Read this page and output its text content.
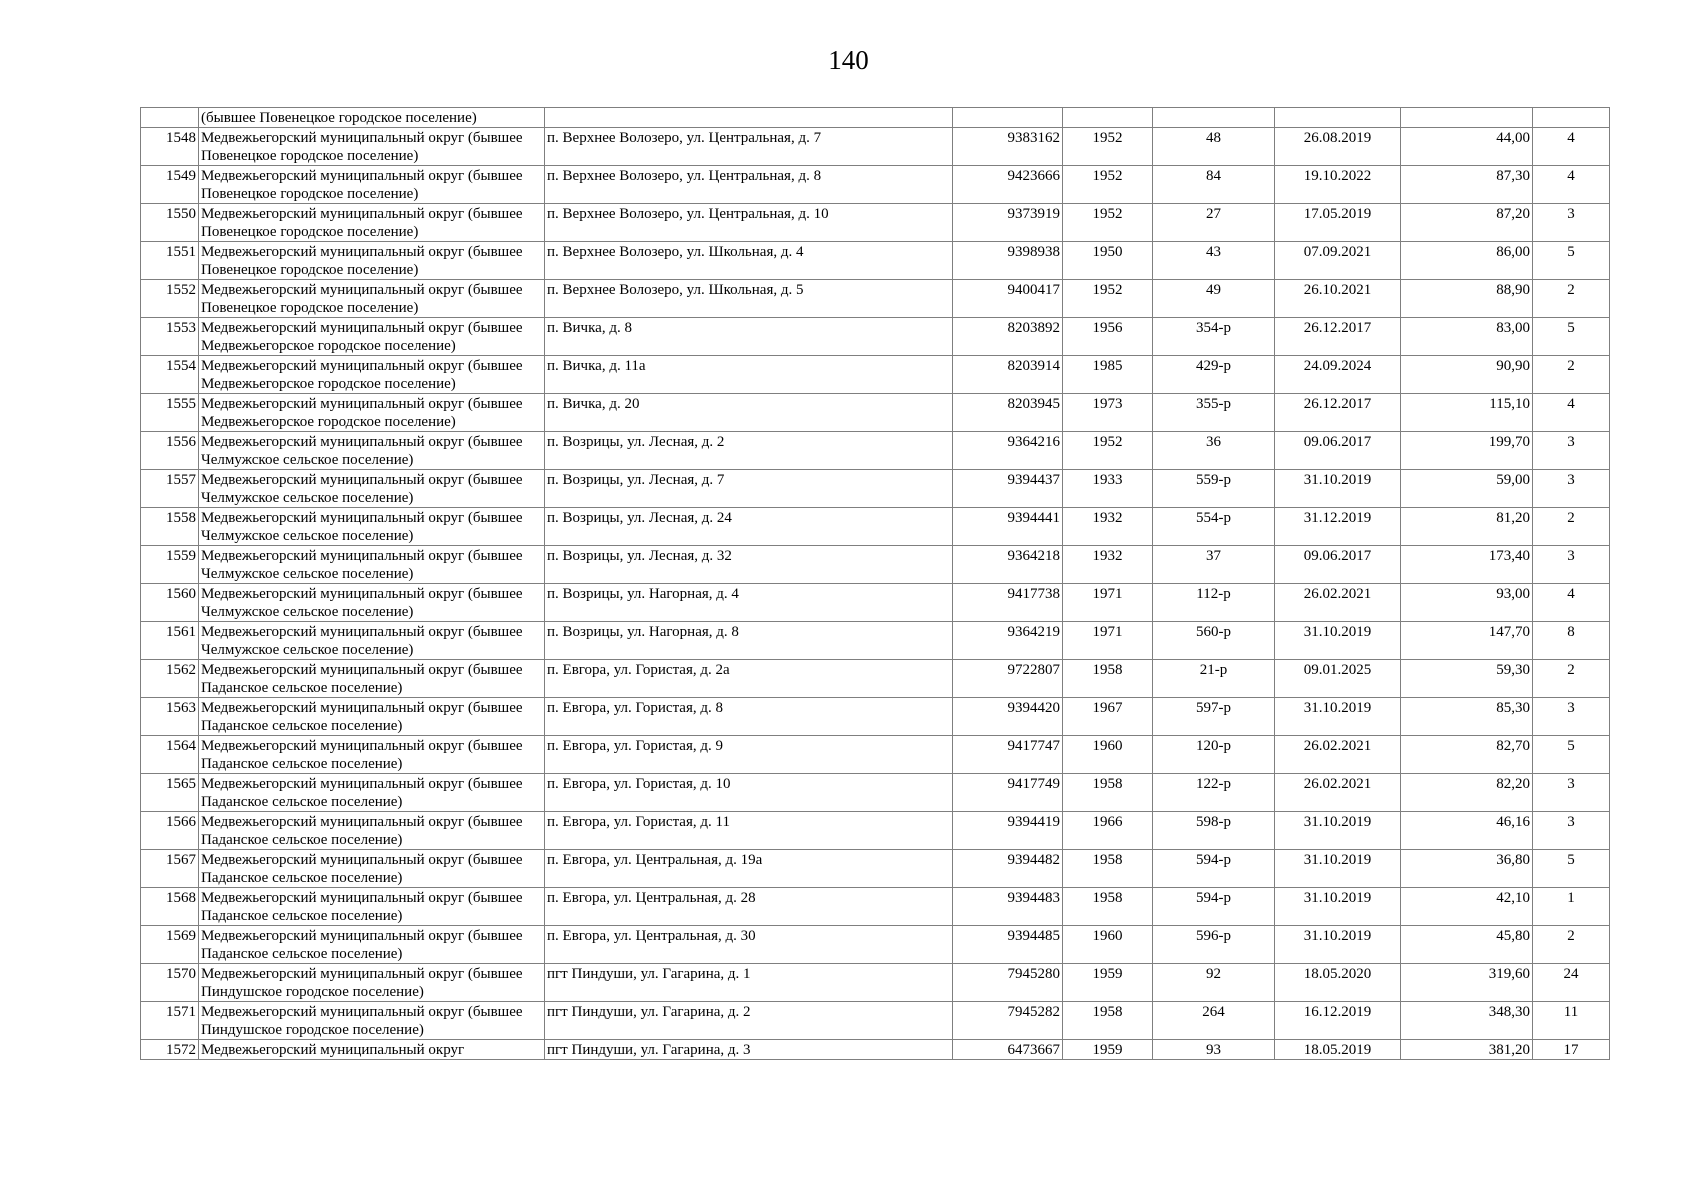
140
	(бывшее Повенецкое городское поселение)							
1548	Медвежьегорский муниципальный округ (бывшее Повенецкое городское поселение)	п. Верхнее Волозеро, ул. Центральная, д. 7	9383162	1952	48	26.08.2019	44,00	4
1549	Медвежьегорский муниципальный округ (бывшее Повенецкое городское поселение)	п. Верхнее Волозеро, ул. Центральная, д. 8	9423666	1952	84	19.10.2022	87,30	4
1550	Медвежьегорский муниципальный округ (бывшее Повенецкое городское поселение)	п. Верхнее Волозеро, ул. Центральная, д. 10	9373919	1952	27	17.05.2019	87,20	3
1551	Медвежьегорский муниципальный округ (бывшее Повенецкое городское поселение)	п. Верхнее Волозеро, ул. Школьная, д. 4	9398938	1950	43	07.09.2021	86,00	5
1552	Медвежьегорский муниципальный округ (бывшее Повенецкое городское поселение)	п. Верхнее Волозеро, ул. Школьная, д. 5	9400417	1952	49	26.10.2021	88,90	2
1553	Медвежьегорский муниципальный округ (бывшее Медвежьегорское городское поселение)	п. Вичка, д. 8	8203892	1956	354-р	26.12.2017	83,00	5
1554	Медвежьегорский муниципальный округ (бывшее Медвежьегорское городское поселение)	п. Вичка, д. 11а	8203914	1985	429-р	24.09.2024	90,90	2
1555	Медвежьегорский муниципальный округ (бывшее Медвежьегорское городское поселение)	п. Вичка, д. 20	8203945	1973	355-р	26.12.2017	115,10	4
1556	Медвежьегорский муниципальный округ (бывшее Челмужское сельское поселение)	п. Возрицы, ул. Лесная, д. 2	9364216	1952	36	09.06.2017	199,70	3
1557	Медвежьегорский муниципальный округ (бывшее Челмужское сельское поселение)	п. Возрицы, ул. Лесная, д. 7	9394437	1933	559-р	31.10.2019	59,00	3
1558	Медвежьегорский муниципальный округ (бывшее Челмужское сельское поселение)	п. Возрицы, ул. Лесная, д. 24	9394441	1932	554-р	31.12.2019	81,20	2
1559	Медвежьегорский муниципальный округ (бывшее Челмужское сельское поселение)	п. Возрицы, ул. Лесная, д. 32	9364218	1932	37	09.06.2017	173,40	3
1560	Медвежьегорский муниципальный округ (бывшее Челмужское сельское поселение)	п. Возрицы, ул. Нагорная, д. 4	9417738	1971	112-р	26.02.2021	93,00	4
1561	Медвежьегорский муниципальный округ (бывшее Челмужское сельское поселение)	п. Возрицы, ул. Нагорная, д. 8	9364219	1971	560-р	31.10.2019	147,70	8
1562	Медвежьегорский муниципальный округ (бывшее Паданское сельское поселение)	п. Евгора, ул. Гористая, д. 2а	9722807	1958	21-р	09.01.2025	59,30	2
1563	Медвежьегорский муниципальный округ (бывшее Паданское сельское поселение)	п. Евгора, ул. Гористая, д. 8	9394420	1967	597-р	31.10.2019	85,30	3
1564	Медвежьегорский муниципальный округ (бывшее Паданское сельское поселение)	п. Евгора, ул. Гористая, д. 9	9417747	1960	120-р	26.02.2021	82,70	5
1565	Медвежьегорский муниципальный округ (бывшее Паданское сельское поселение)	п. Евгора, ул. Гористая, д. 10	9417749	1958	122-р	26.02.2021	82,20	3
1566	Медвежьегорский муниципальный округ (бывшее Паданское сельское поселение)	п. Евгора, ул. Гористая, д. 11	9394419	1966	598-р	31.10.2019	46,16	3
1567	Медвежьегорский муниципальный округ (бывшее Паданское сельское поселение)	п. Евгора, ул. Центральная, д. 19а	9394482	1958	594-р	31.10.2019	36,80	5
1568	Медвежьегорский муниципальный округ (бывшее Паданское сельское поселение)	п. Евгора, ул. Центральная, д. 28	9394483	1958	594-р	31.10.2019	42,10	1
1569	Медвежьегорский муниципальный округ (бывшее Паданское сельское поселение)	п. Евгора, ул. Центральная, д. 30	9394485	1960	596-р	31.10.2019	45,80	2
1570	Медвежьегорский муниципальный округ (бывшее Пиндушское городское поселение)	пгт Пиндуши, ул. Гагарина, д. 1	7945280	1959	92	18.05.2020	319,60	24
1571	Медвежьегорский муниципальный округ (бывшее Пиндушское городское поселение)	пгт Пиндуши, ул. Гагарина, д. 2	7945282	1958	264	16.12.2019	348,30	11
1572	Медвежьегорский муниципальный округ	пгт Пиндуши, ул. Гагарина, д. 3	6473667	1959	93	18.05.2019	381,20	17
